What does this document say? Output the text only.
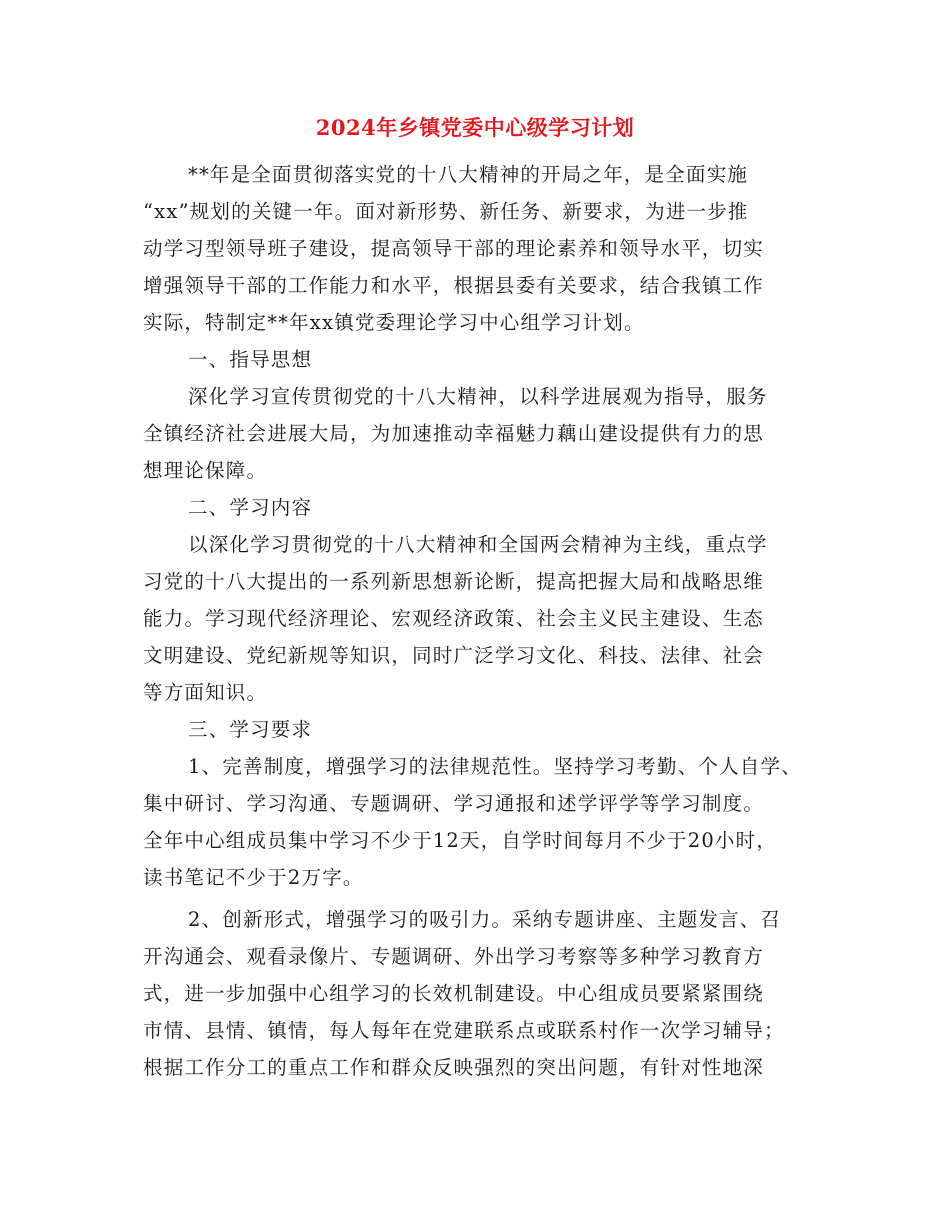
2024年乡镇党委中心级学习计划
**年是全面贯彻落实党的十八大精神的开局之年，是全面实施
“xx”规划的关键一年。面对新形势、新任务、新要求，为进一步推
动学习型领导班子建设，提高领导干部的理论素养和领导水平，切实
增强领导干部的工作能力和水平，根据县委有关要求，结合我镇工作
实际，特制定**年xx镇党委理论学习中心组学习计划。
一、指导思想
深化学习宣传贯彻党的十八大精神，以科学进展观为指导，服务
全镇经济社会进展大局，为加速推动幸福魅力藕山建设提供有力的思
想理论保障。
二、学习内容
以深化学习贯彻党的十八大精神和全国两会精神为主线，重点学
习党的十八大提出的一系列新思想新论断，提高把握大局和战略思维
能力。学习现代经济理论、宏观经济政策、社会主义民主建设、生态
文明建设、党纪新规等知识，同时广泛学习文化、科技、法律、社会
等方面知识。
三、学习要求
1、完善制度，增强学习的法律规范性。坚持学习考勤、个人自学、
集中研讨、学习沟通、专题调研、学习通报和述学评学等学习制度。
全年中心组成员集中学习不少于12天，自学时间每月不少于20小时，
读书笔记不少于2万字。
2、创新形式，增强学习的吸引力。采纳专题讲座、主题发言、召
开沟通会、观看录像片、专题调研、外出学习考察等多种学习教育方
式，进一步加强中心组学习的长效机制建设。中心组成员要紧紧围绕
市情、县情、镇情，每人每年在党建联系点或联系村作一次学习辅导；
根据工作分工的重点工作和群众反映强烈的突出问题，有针对性地深
